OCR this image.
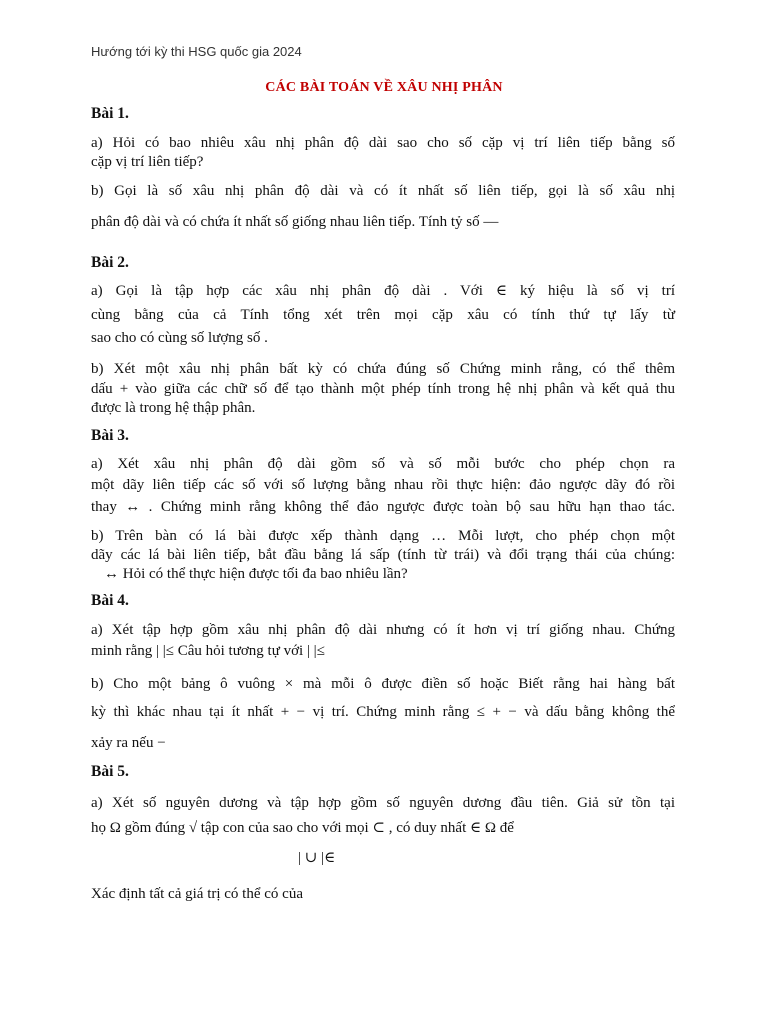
Hướng tới kỳ thi HSG quốc gia 2024
CÁC BÀI TOÁN VỀ XÂU NHỊ PHÂN
Bài 1.
a) Hỏi có bao nhiêu xâu nhị phân độ dài sao cho số cặp vị trí liên tiếp bằng số
cặp vị trí liên tiếp?
b) Gọi là số xâu nhị phân độ dài và có ít nhất số liên tiếp, gọi là số xâu nhị
phân độ dài và có chứa ít nhất số giống nhau liên tiếp. Tính tỷ số —
Bài 2.
a) Gọi là tập hợp các xâu nhị phân độ dài . Với ∈ ký hiệu là số vị trí
cùng bằng của cả Tính tổng xét trên mọi cặp xâu có tính thứ tự lấy từ
sao cho có cùng số lượng số .
b) Xét một xâu nhị phân bất kỳ có chứa đúng số Chứng minh rằng, có thể thêm
dấu + vào giữa các chữ số để tạo thành một phép tính trong hệ nhị phân và kết quả thu
được là trong hệ thập phân.
Bài 3.
a) Xét xâu nhị phân độ dài gồm số và số mỗi bước cho phép chọn ra
một dãy liên tiếp các số với số lượng bằng nhau rồi thực hiện: đảo ngược dãy đó rồi
thay ↔ . Chứng minh rằng không thể đảo ngược được toàn bộ sau hữu hạn thao tác.
b) Trên bàn có lá bài được xếp thành dạng … Mỗi lượt, cho phép chọn một
dãy các lá bài liên tiếp, bắt đầu bằng lá sấp (tính từ trái) và đổi trạng thái của chúng:
↔ Hỏi có thể thực hiện được tối đa bao nhiêu lần?
Bài 4.
a) Xét tập hợp gồm xâu nhị phân độ dài nhưng có ít hơn vị trí giống nhau. Chứng
minh rằng | |≤ Câu hỏi tương tự với | |≤
b) Cho một bảng ô vuông × mà mỗi ô được điền số hoặc Biết rằng hai hàng bất
kỳ thì khác nhau tại ít nhất + − vị trí. Chứng minh rằng ≤ + − và dấu bằng không thể
xảy ra nếu −
Bài 5.
a) Xét số nguyên dương và tập hợp gồm số nguyên dương đầu tiên. Giả sử tồn tại
họ Ω gồm đúng √ tập con của sao cho với mọi ⊂ , có duy nhất ∈ Ω để
| ∪ |∈
Xác định tất cả giá trị có thể có của
